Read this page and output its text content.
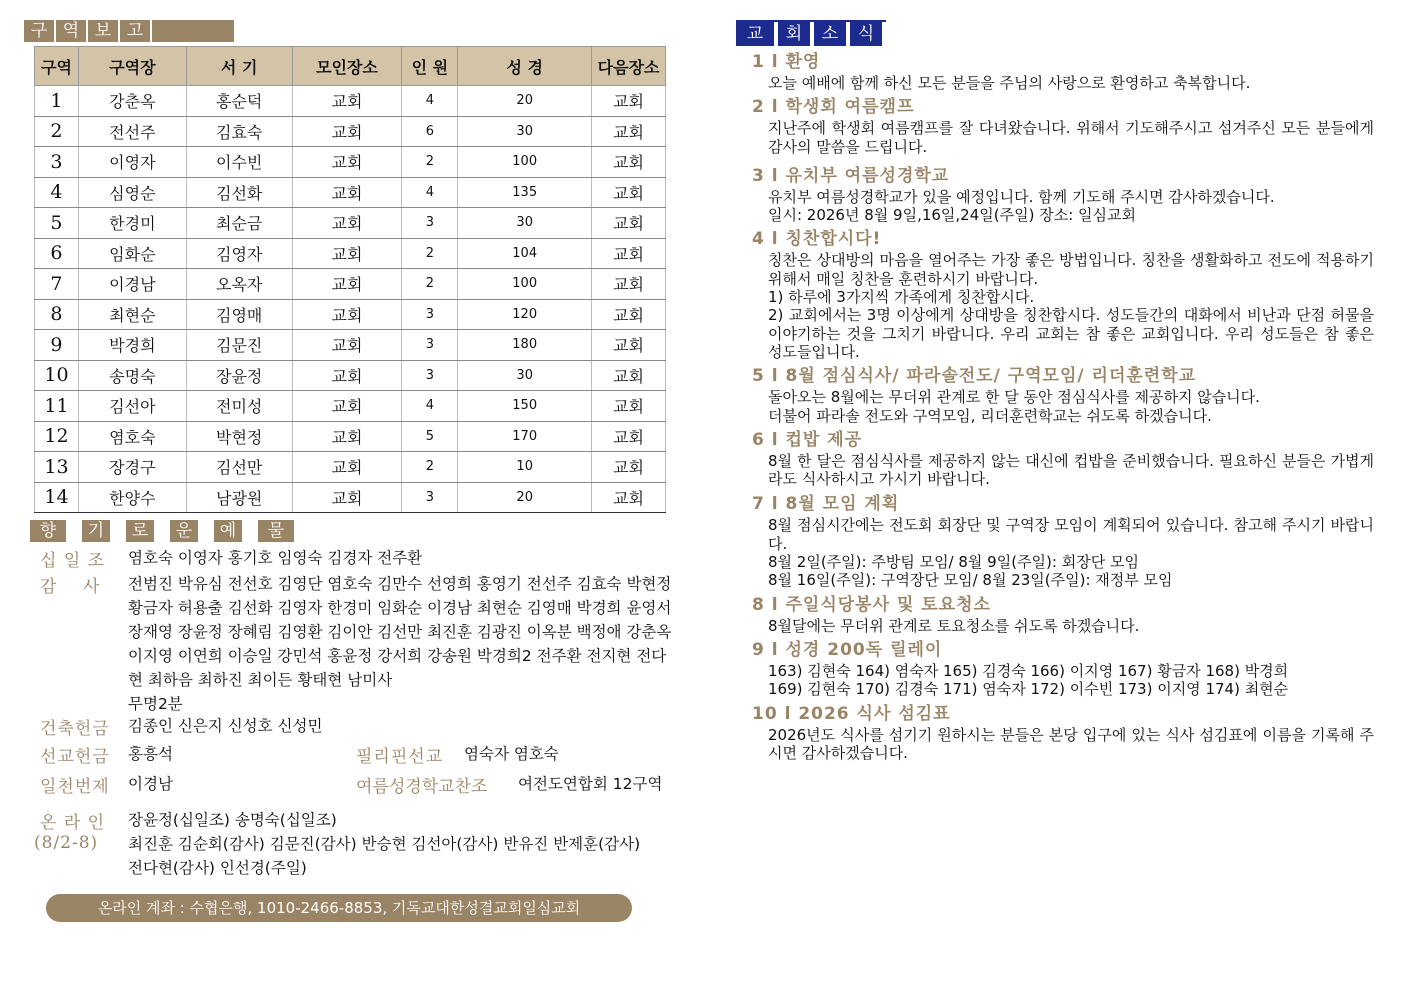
구 역 보 고
구역	구역장	서 기	모인장소	인 원	성 경	다음장소
1	강춘옥	홍순덕	교회	4	20	교회
2	전선주	김효숙	교회	6	30	교회
3	이영자	이수빈	교회	2	100	교회
4	심영순	김선화	교회	4	135	교회
5	한경미	최순금	교회	3	30	교회
6	임화순	김영자	교회	2	104	교회
7	이경남	오옥자	교회	2	100	교회
8	최현순	김영매	교회	3	120	교회
9	박경희	김문진	교회	3	180	교회
10	송명숙	장윤정	교회	3	30	교회
11	김선아	전미성	교회	4	150	교회
12	염호숙	박현정	교회	5	170	교회
13	장경구	김선만	교회	2	10	교회
14	한양수	남광원	교회	3	20	교회
향	기	로	운	예	물
십 일 조	염호숙 이영자 홍기호 임영숙 김경자 전주환
감    사	전범진 박유심 전선호 김영단 염호숙 김만수 선영희 홍영기 전선주 김효숙 박현정 황금자 허용출 김선화 김영자 한경미 임화순 이경남 최현순 김영매 박경희 윤영서 장재영 장윤정 장혜림 김영환 김이안 김선만 최진훈 김광진 이옥분 백정애 강춘옥 이지영 이연희 이승일 강민석 홍윤정 강서희 강송원 박경희2 전주환 전지현 전다현 최하음 최하진 최이든 황태현 남미사
무명2분
건축헌금	김종인 신은지 신성호 신성민
선교헌금	홍흥석	필리핀선교	염숙자 염호숙
일천번제	이경남	여름성경학교찬조	여전도연합회 12구역
온 라 인
(8/2-8)
장윤정(십일조) 송명숙(십일조)
최진훈 김순회(감사) 김문진(감사) 반승현 김선아(감사) 반유진 반제훈(감사)
전다현(감사) 인선경(주일)
온라인 계좌 : 수협은행, 1010-2466-8853, 기독교대한성결교회일심교회
교	회	소	식
1 l 환영
오늘 예배에 함께 하신 모든 분들을 주님의 사랑으로 환영하고 축복합니다.
2 l 학생회 여름캠프
지난주에 학생회 여름캠프를 잘 다녀왔습니다. 위해서 기도해주시고 섬겨주신 모든 분들에게 감사의 말씀을 드립니다.
3 l 유치부 여름성경학교
유치부 여름성경학교가 있을 예정입니다. 함께 기도해 주시면 감사하겠습니다.
일시: 2026년 8월 9일,16일,24일(주일) 장소: 일심교회
4 l 칭찬합시다!
칭찬은 상대방의 마음을 열어주는 가장 좋은 방법입니다. 칭찬을 생활화하고 전도에 적용하기 위해서 매일 칭찬을 훈련하시기 바랍니다.
1) 하루에 3가지씩 가족에게 칭찬합시다.
2) 교회에서는 3명 이상에게 상대방을 칭찬합시다. 성도들간의 대화에서 비난과 단점 허물을 이야기하는 것을 그치기 바랍니다. 우리 교회는 참 좋은 교회입니다. 우리 성도들은 참 좋은 성도들입니다.
5 l 8월 점심식사/ 파라솔전도/ 구역모임/ 리더훈련학교
돌아오는 8월에는 무더위 관계로 한 달 동안 점심식사를 제공하지 않습니다.
더불어 파라솔 전도와 구역모임, 리더훈련학교는 쉬도록 하겠습니다.
6 l 컵밥 제공
8월 한 달은 점심식사를 제공하지 않는 대신에 컵밥을 준비했습니다. 필요하신 분들은 가볍게라도 식사하시고 가시기 바랍니다.
7 l 8월 모임 계획
8월 점심시간에는 전도회 회장단 및 구역장 모임이 계획되어 있습니다. 참고해 주시기 바랍니다.
8월 2일(주일): 주방팀 모임/ 8월 9일(주일): 회장단 모임
8월 16일(주일): 구역장단 모임/ 8월 23일(주일): 재정부 모임
8 l 주일식당봉사 및 토요청소
8월달에는 무더위 관계로 토요청소를 쉬도록 하겠습니다.
9 l 성경 200독 릴레이
163) 김현숙 164) 염숙자 165) 김경숙 166) 이지영 167) 황금자 168) 박경희
169) 김현숙 170) 김경숙 171) 염숙자 172) 이수빈 173) 이지영 174) 최현순
10 l 2026 식사 섬김표
2026년도 식사를 섬기기 원하시는 분들은 본당 입구에 있는 식사 섬김표에 이름을 기록해 주시면 감사하겠습니다.
